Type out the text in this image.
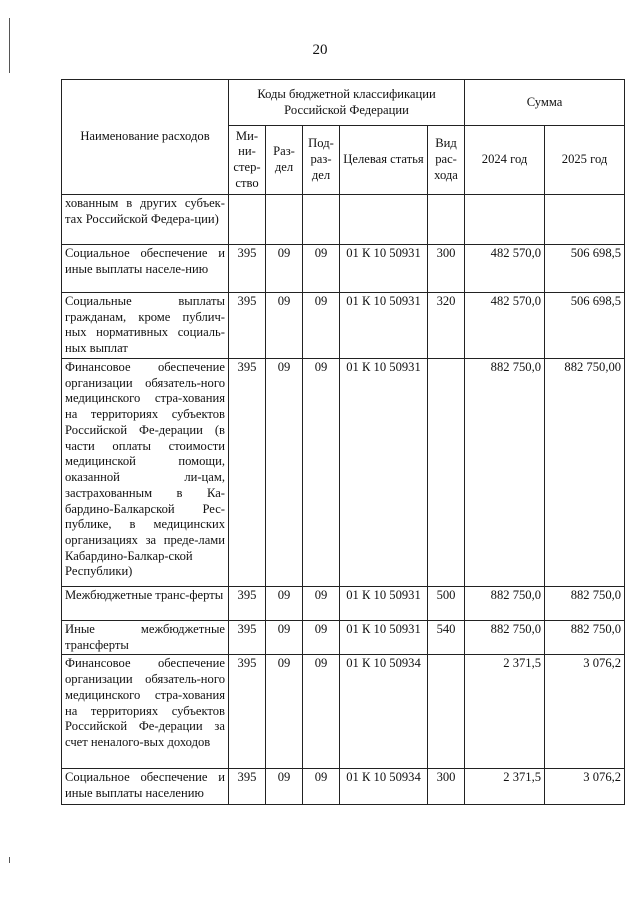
20
Наименование расходов	Коды бюджетной классификации Российской Федерации					Сумма	
	Ми-ни-стер-ство	Раз-дел	Под-раз-дел	Целевая статья	Вид рас-хода	2024 год	2025 год
хованным в других субъек-тах Российской Федера-ции)							
Социальное обеспечение и иные выплаты населе-нию	395	09	09	01 К 10 50931	300	482 570,0	506 698,5
Социальные выплаты гражданам, кроме публич-ных нормативных социаль-ных выплат	395	09	09	01 К 10 50931	320	482 570,0	506 698,5
Финансовое обеспечение организации обязатель-ного медицинского стра-хования на территориях субъектов Российской Фе-дерации (в части оплаты стоимости медицинской помощи, оказанной ли-цам, застрахованным в Ка-бардино-Балкарской Рес-публике, в медицинских организациях за преде-лами Кабардино-Балкар-ской Республики)	395	09	09	01 К 10 50931		882 750,0	882 750,00
Межбюджетные транс-ферты	395	09	09	01 К 10 50931	500	882 750,0	882 750,0
Иные межбюджетные трансферты	395	09	09	01 К 10 50931	540	882 750,0	882 750,0
Финансовое обеспечение организации обязатель-ного медицинского стра-хования на территориях субъектов Российской Фе-дерации за счет неналого-вых доходов	395	09	09	01 К 10 50934		2 371,5	3 076,2
Социальное обеспечение и иные выплаты населению	395	09	09	01 К 10 50934	300	2 371,5	3 076,2
